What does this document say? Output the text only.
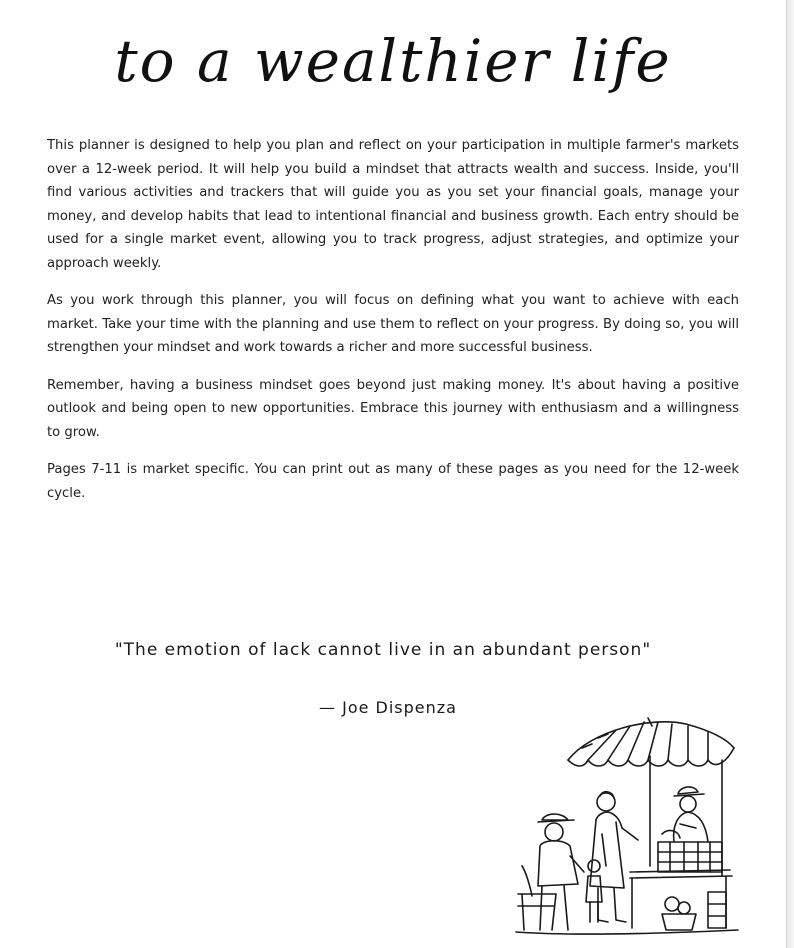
to a wealthier life

This planner is designed to help you plan and reflect on your participation in multiple farmer's markets over a 12-week period. It will help you build a mindset that attracts wealth and success. Inside, you'll find various activities and trackers that will guide you as you set your financial goals, manage your money, and develop habits that lead to intentional financial and business growth. Each entry should be used for a single market event, allowing you to track progress, adjust strategies, and optimize your approach weekly.

As you work through this planner, you will focus on defining what you want to achieve with each market. Take your time with the planning and use them to reflect on your progress. By doing so, you will strengthen your mindset and work towards a richer and more successful business.

Remember, having a business mindset goes beyond just making money. It's about having a positive outlook and being open to new opportunities. Embrace this journey with enthusiasm and a willingness to grow.

Pages 7-11 is market specific. You can print out as many of these pages as you need for the 12-week cycle.

"The emotion of lack cannot live in an abundant person"
— Joe Dispenza
